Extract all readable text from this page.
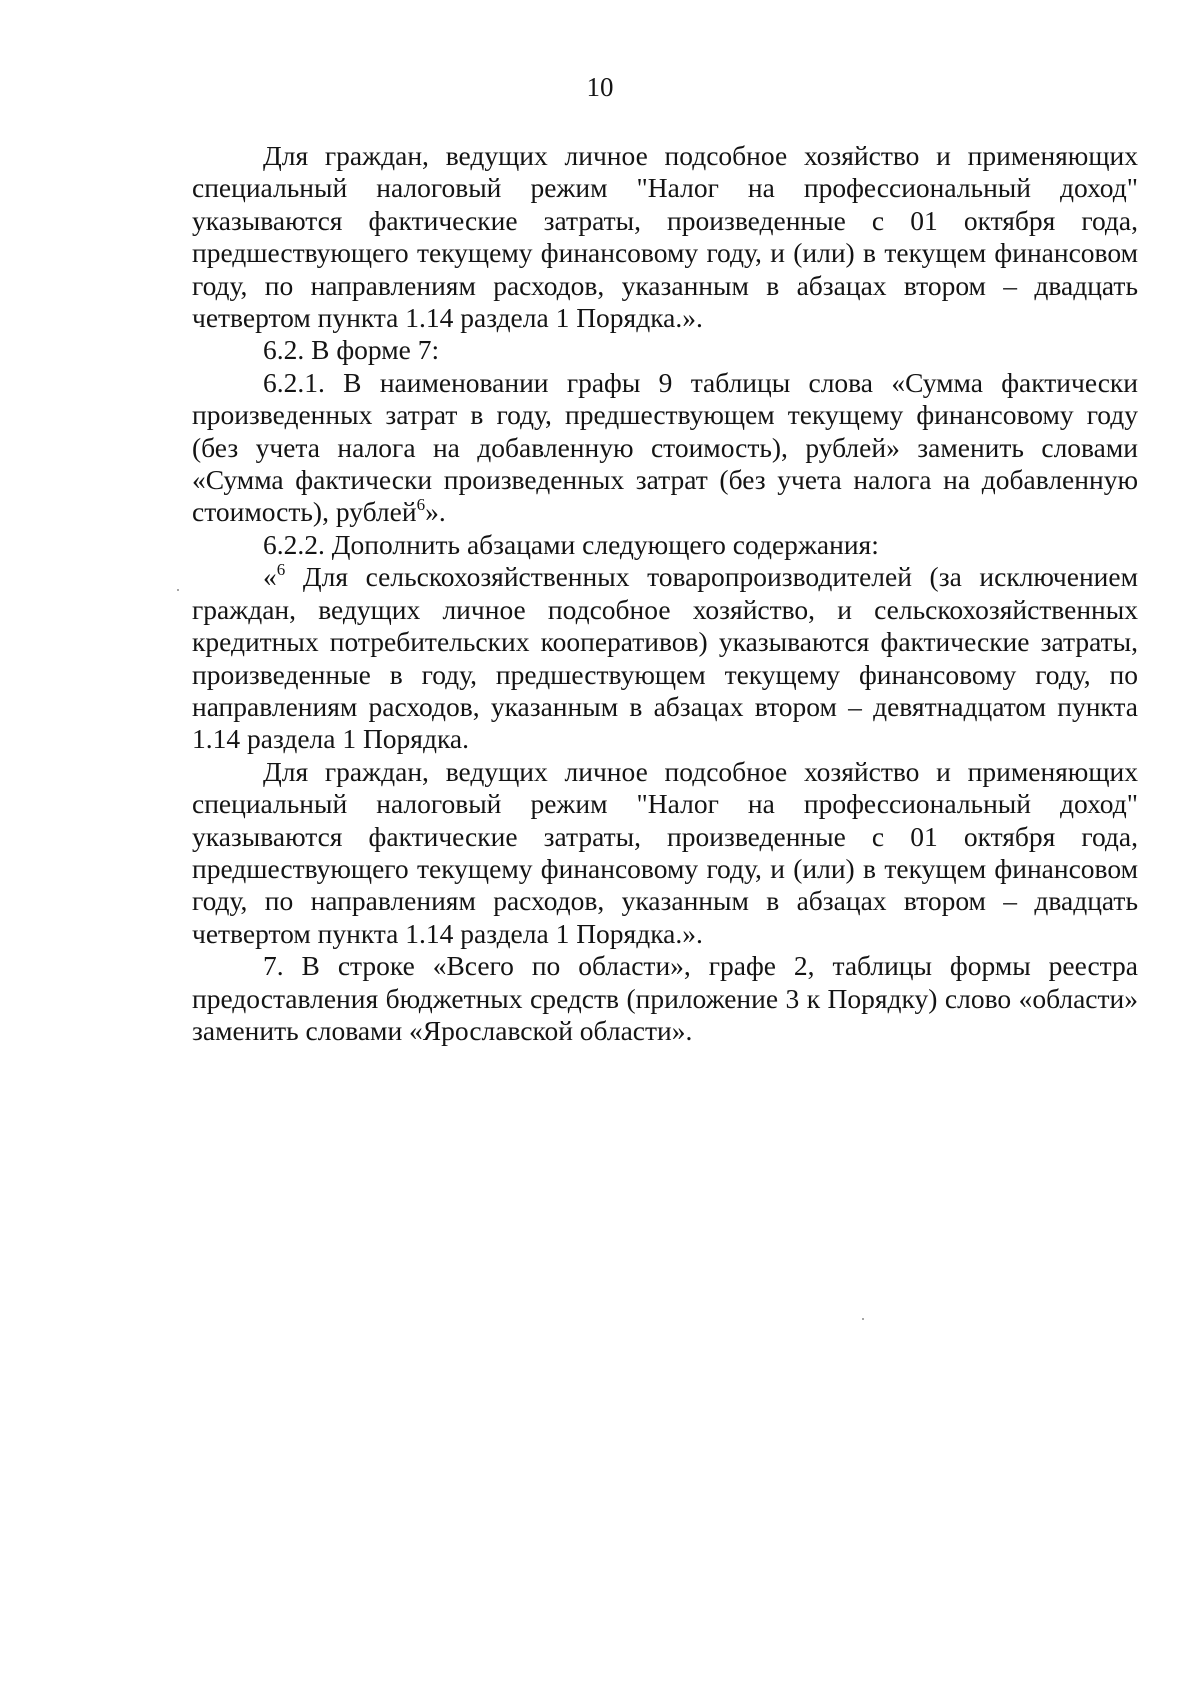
10

Для граждан, ведущих личное подсобное хозяйство и применяющих специальный налоговый режим "Налог на профессиональный доход" указываются фактические затраты, произведенные с 01 октября года, предшествующего текущему финансовому году, и (или) в текущем финансовом году, по направлениям расходов, указанным в абзацах втором – двадцать четвертом пункта 1.14 раздела 1 Порядка.».

6.2. В форме 7:

6.2.1. В наименовании графы 9 таблицы слова «Сумма фактически произведенных затрат в году, предшествующем текущему финансовому году (без учета налога на добавленную стоимость), рублей» заменить словами «Сумма фактически произведенных затрат (без учета налога на добавленную стоимость), рублей$^6$».

6.2.2. Дополнить абзацами следующего содержания:

«$^6$ Для сельскохозяйственных товаропроизводителей (за исключением граждан, ведущих личное подсобное хозяйство, и сельскохозяйственных кредитных потребительских кооперативов) указываются фактические затраты, произведенные в году, предшествующем текущему финансовому году, по направлениям расходов, указанным в абзацах втором – девятнадцатом пункта 1.14 раздела 1 Порядка.

Для граждан, ведущих личное подсобное хозяйство и применяющих специальный налоговый режим "Налог на профессиональный доход" указываются фактические затраты, произведенные с 01 октября года, предшествующего текущему финансовому году, и (или) в текущем финансовом году, по направлениям расходов, указанным в абзацах втором – двадцать четвертом пункта 1.14 раздела 1 Порядка.».

7. В строке «Всего по области», графе 2, таблицы формы реестра предоставления бюджетных средств (приложение 3 к Порядку) слово «области» заменить словами «Ярославской области».
